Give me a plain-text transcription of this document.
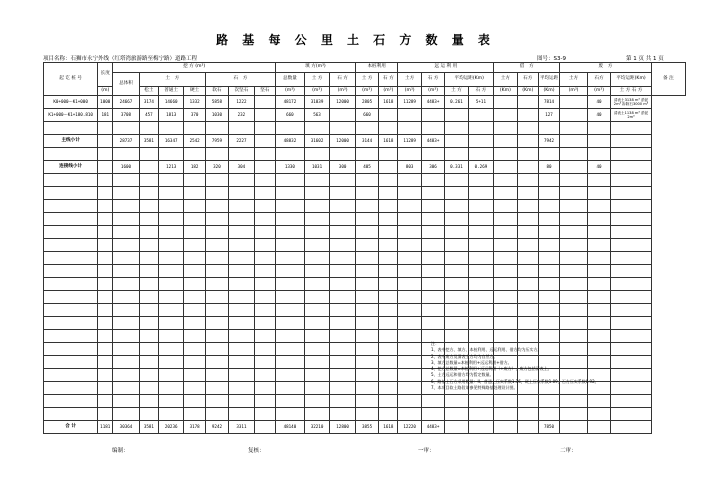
路 基 每 公 里 土 石 方 数 量 表
项目名称：石狮市永宁外线（红塔湾旅游路至梅宁路）道路工程	图号：S3-9	第 1 页 共 1 页
起 讫 桩 号	长度	挖 方 (m³)							填 方(m³)			本桩利用		远 运 利 用				借　 方			废　 方			备 注
		总体积	土　 方			石　 方			总数量	土 方	石 方	土 方	石 方	土方	石 方	平均运距(Km)		土方	石方	平均运距	土方	石方	平均运距(Km)	
	(m)		松土	普通土	硬土	软石	次坚石	坚石	(m³)	(m³)	(m³)	(m³)	(m³)	(m³)	(m³)	土 方	石 方	(Km)	(Km)	(Km)	(m³)	(m³)	土 方 石 方	
K0+000～K1+000	1000	24667	3174	14660	1332	5858	1222		48172	31039	12000	2805	1618	11289	4483+	0.261	5+11			7814		40	清表土3138 m³ 淤泥2m³ 拆除石3000 m³	
K1+000～K1+180.810	181	3708	457	1813	370	1030	232		660	563		660								127		40	清表土1138 m³ 淤泥2m³	

主线小计		28737	3581	16347	2542	7959	2227		48832	31602	12000	3144	1618	11289	4483+					7942				

连接线小计		1600		1213	182	320	304		1330	1031	300	405		803	306	0.331	0.269			80		40		

合 计	1181	30364	3581	20236	3178	9242	3311		48140	32210	12800	3855	1618	12220	4483+					7850				
注：
1、表中挖方、填方、本桩利用、远运利用、借方均为压实方。
2、表中废方及清表土方均为自然方。
3、填方总数量=本桩利用+远运利用+借方。
4、挖方总数量=本桩利用+远运利用（+废方），废方包括清表土。
5、土方远运和借方均为暂定数量。
6、路基土石方采用数量：II、普通土压实系数1.16，硬土压实系数1.09，石方压实系数0.92。
7、本项目软土路段请参见特殊路基处理设计图。
编制：	复核：	一审：	二审：
